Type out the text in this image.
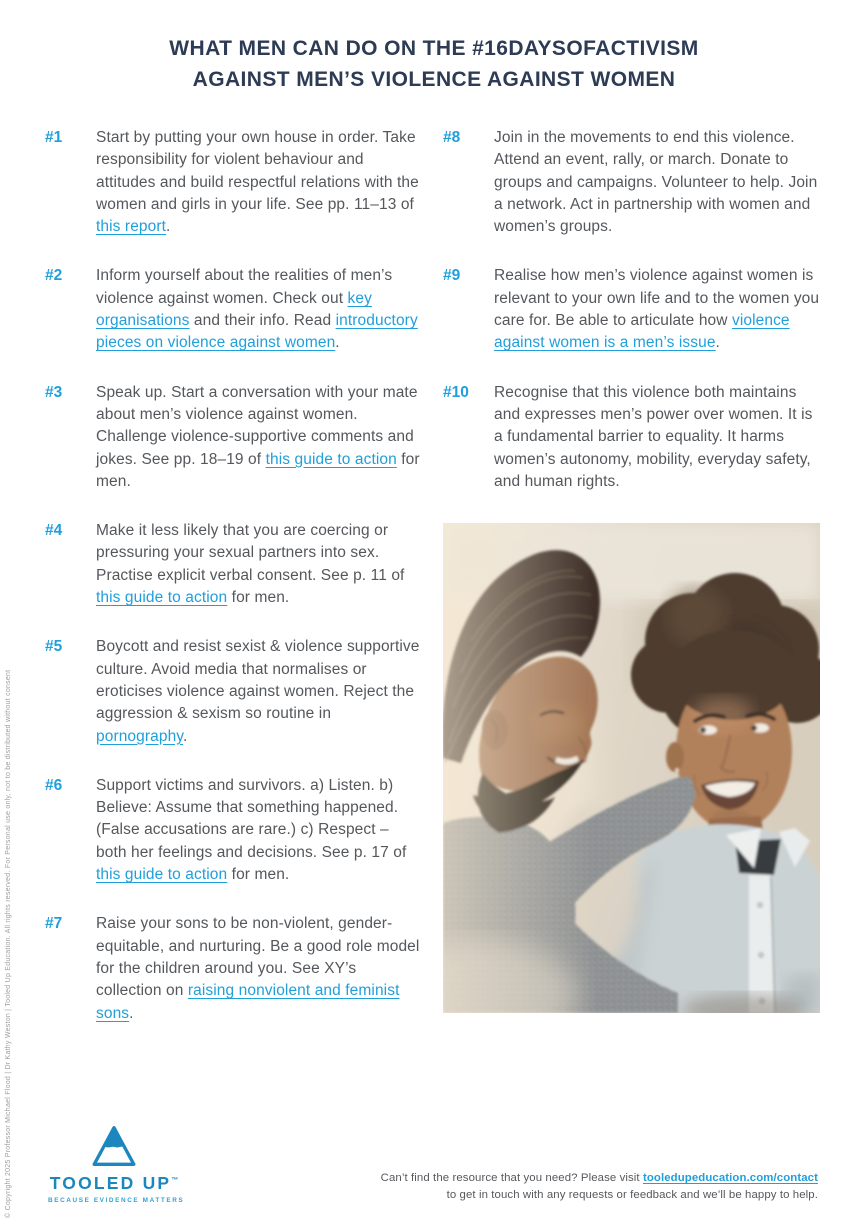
© Copyright 2025 Professor Michael Flood | Dr Kathy Weston | Tooled Up Education. All rights reserved. For Personal use only, not to be distributed without consent
WHAT MEN CAN DO ON THE #16DAYSOFACTIVISM
AGAINST MEN’S VIOLENCE AGAINST WOMEN
#1	Start by putting your own house in order. Take responsibility for violent behaviour and attitudes and build respectful relations with the women and girls in your life. See pp. 11–13 of this report.

#2	Inform yourself about the realities of men’s violence against women. Check out key organisations and their info. Read introductory pieces on violence against women.

#3	Speak up. Start a conversation with your mate about men’s violence against women. Challenge violence-supportive comments and jokes. See pp. 18–19 of this guide to action for men.

#4	Make it less likely that you are coercing or pressuring your sexual partners into sex. Practise explicit verbal consent. See p. 11 of this guide to action for men.

#5	Boycott and resist sexist & violence supportive culture. Avoid media that normalises or eroticises violence against women. Reject the aggression & sexism so routine in pornography.

#6	Support victims and survivors. a) Listen. b) Believe: Assume that something happened. (False accusations are rare.) c) Respect – both her feelings and decisions. See p. 17 of this guide to action for men.

#7	Raise your sons to be non-violent, gender-equitable, and nurturing. Be a good role model for the children around you. See XY’s collection on raising nonviolent and feminist sons.

#8	Join in the movements to end this violence. Attend an event, rally, or march. Donate to groups and campaigns. Volunteer to help. Join a network. Act in partnership with women and women’s groups.

#9	Realise how men’s violence against women is relevant to your own life and to the women you care for. Be able to articulate how violence against women is a men’s issue.

#10	Recognise that this violence both maintains and expresses men’s power over women. It is a fundamental barrier to equality. It harms women’s autonomy, mobility, everyday safety, and human rights.

TOOLED UP™
BECAUSE EVIDENCE MATTERS
Can’t find the resource that you need? Please visit tooledupeducation.com/contact
to get in touch with any requests or feedback and we’ll be happy to help.
